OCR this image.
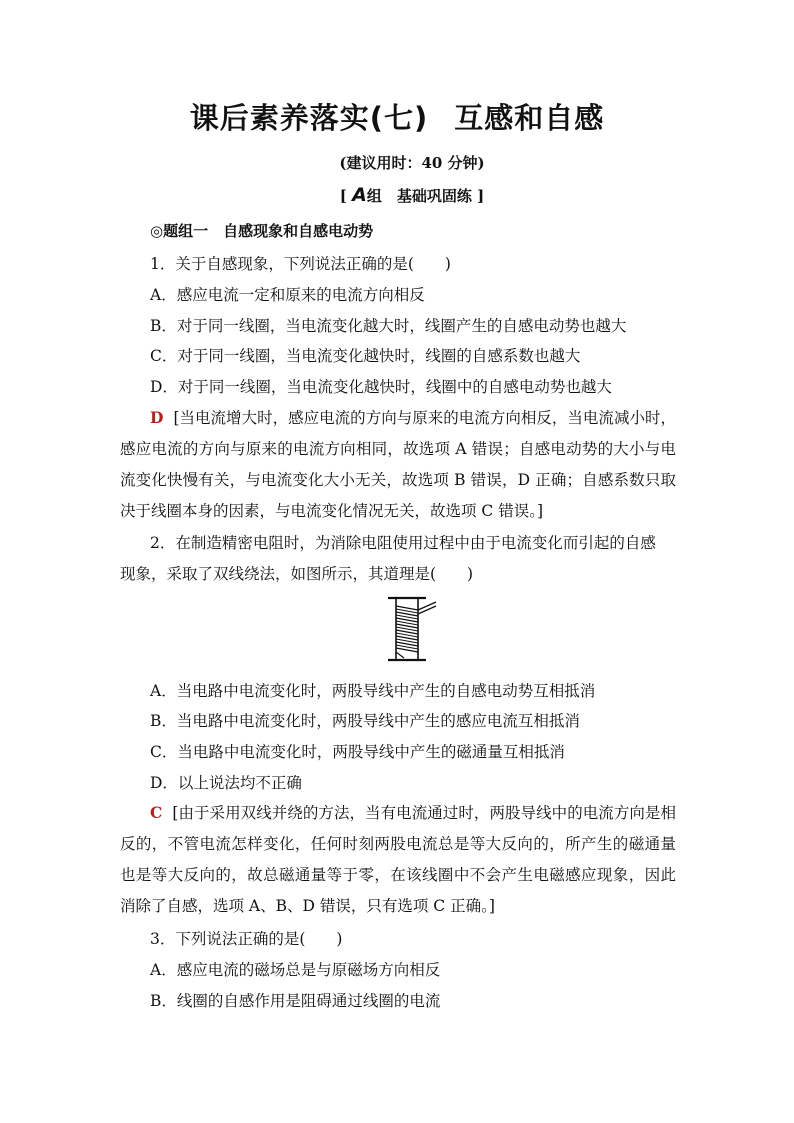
课后素养落实(七) 互感和自感
(建议用时：40 分钟)
[ A组　基础巩固练 ]
◎题组一　自感现象和自感电动势
1．关于自感现象，下列说法正确的是(　　)
A．感应电流一定和原来的电流方向相反
B．对于同一线圈，当电流变化越大时，线圈产生的自感电动势也越大
C．对于同一线圈，当电流变化越快时，线圈的自感系数也越大
D．对于同一线圈，当电流变化越快时，线圈中的自感电动势也越大
D [当电流增大时，感应电流的方向与原来的电流方向相反，当电流减小时，感应电流的方向与原来的电流方向相同，故选项 A 错误；自感电动势的大小与电流变化快慢有关，与电流变化大小无关，故选项 B 错误，D 正确；自感系数只取决于线圈本身的因素，与电流变化情况无关，故选项 C 错误。]
2．在制造精密电阻时，为消除电阻使用过程中由于电流变化而引起的自感
现象，采取了双线绕法，如图所示，其道理是(　　)
A．当电路中电流变化时，两股导线中产生的自感电动势互相抵消
B．当电路中电流变化时，两股导线中产生的感应电流互相抵消
C．当电路中电流变化时，两股导线中产生的磁通量互相抵消
D．以上说法均不正确
C [由于采用双线并绕的方法，当有电流通过时，两股导线中的电流方向是相反的，不管电流怎样变化，任何时刻两股电流总是等大反向的，所产生的磁通量也是等大反向的，故总磁通量等于零，在该线圈中不会产生电磁感应现象，因此消除了自感，选项 A、B、D 错误，只有选项 C 正确。]
3．下列说法正确的是(　　)
A．感应电流的磁场总是与原磁场方向相反
B．线圈的自感作用是阻碍通过线圈的电流
